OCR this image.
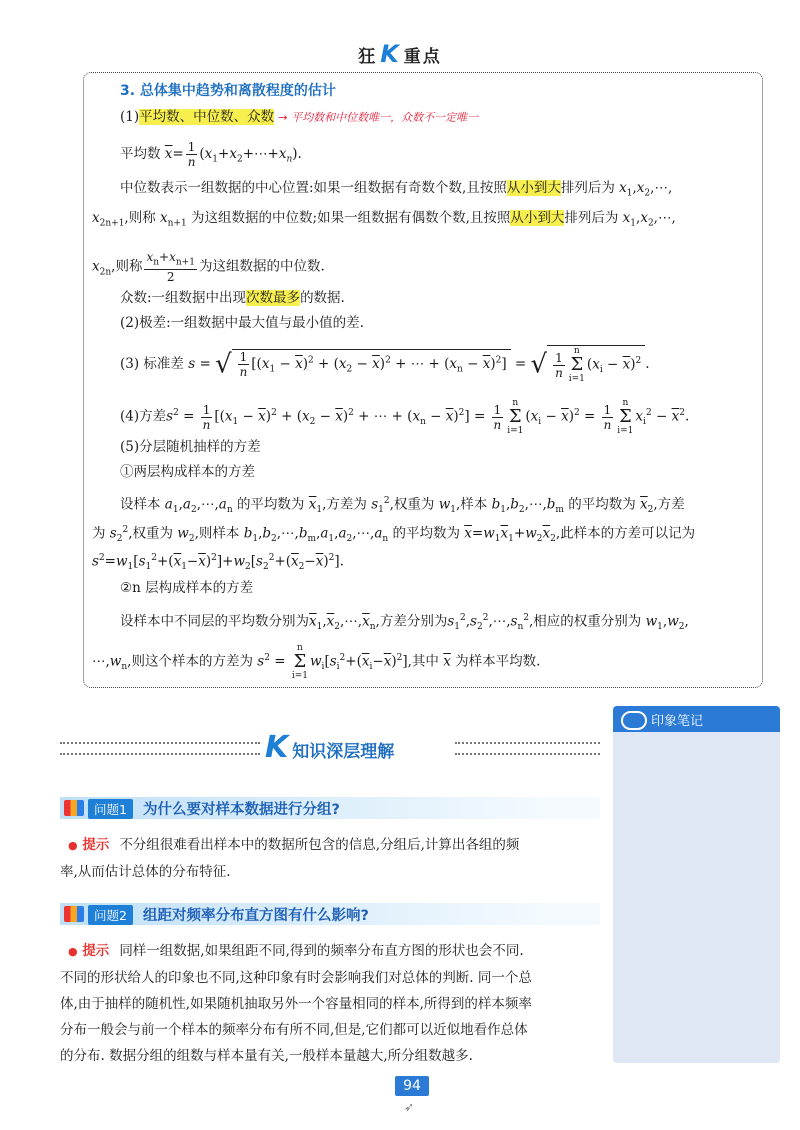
狂 K 重点
3. 总体集中趋势和离散程度的估计
(1)平均数、中位数、众数 → 平均数和中位数唯一，众数不一定唯一
平均数 $\overline{x}= \frac{1}{n}$ $(x_1+x_2+\cdots+x_n)$.
中位数表示一组数据的中心位置:如果一组数据有奇数个数,且按照从小到大排列后为 $x_1,x_2,\cdots$,
$x_{2n+1}$,则称 $x_{n+1}$ 为这组数据的中位数;如果一组数据有偶数个数,且按照从小到大排列后为 $x_1,x_2,\cdots$,
$x_{2n}$,则称 $\frac{x_n+x_{n+1}}{2}$ 为这组数据的中位数.
众数:一组数据中出现次数最多的数据.
(2)极差:一组数据中最大值与最小值的差.
(3) 标准差 s = √ $\frac{1}{n} [(x_1 - \overline{x})^2 + (x_2 - \overline{x})^2$ + ⋯ + $(x_n - \overline{x})^2$] = √ $\frac{1}{n}$ n
Σ
$i=1(x_i - \overline{x})^2$ .
(4)方差$s^2 = \frac{1}{n} [(x_1 - \overline{x})^2 + (x_2 - \overline{x})^2$ + ⋯ + $(x_n - \overline{x})^2] = \frac{1}{n}$ n
Σ
$i=1(x_i - \overline{x})^2 = \frac{1}{n}$ n
Σ
$i=1x_i^2 - \overline{x}^2$.
(5)分层随机抽样的方差
①两层构成样本的方差
设样本 $a_1,a_2,\cdots,a_n$ 的平均数为 $\overline{x}_1$,方差为 $s_1^2$,权重为 $w_1$,样本 $b_1,b_2,\cdots,b_m$ 的平均数为 $\overline{x}_2$,方差
为 $s_2^2$,权重为 $w_2$,则样本 $b_1,b_2,\cdots,b_m,a_1,a_2,\cdots,a_n$ 的平均数为 $\overline{x}=w_1\overline{x}_1+w_2\overline{x}_2$,此样本的方差可以记为
$s^2=w_1[s_1^2+(\overline{x}_1-\overline{x})^2]+w_2[s_2^2+(\overline{x}_2-\overline{x})^2]$.
②n 层构成样本的方差
设样本中不同层的平均数分别为$\overline{x}_1,\overline{x}_2,\cdots,\overline{x}_n$,方差分别为$s_1^2,s_2^2,\cdots,s_n^2$,相应的权重分别为 $w_1,w_2$,
$\cdots,w_n$,则这个样本的方差为 $s^2 = n$
Σ
$i=1w_i[s_i^2+(\overline{x}_i-\overline{x})^2]$,其中 $\overline{x}$ 为样本平均数.
K知识深层理解
印象笔记
问题1	为什么要对样本数据进行分组?
● 提示 不分组很难看出样本中的数据所包含的信息,分组后,计算出各组的频
率,从而估计总体的分布特征.
问题2	组距对频率分布直方图有什么影响?
● 提示 同样一组数据,如果组距不同,得到的频率分布直方图的形状也会不同.
不同的形状给人的印象也不同,这种印象有时会影响我们对总体的判断. 同一个总
体,由于抽样的随机性,如果随机抽取另外一个容量相同的样本,所得到的样本频率
分布一般会与前一个样本的频率分布有所不同,但是,它们都可以近似地看作总体
的分布. 数据分组的组数与样本量有关,一般样本量越大,所分组数越多.
94
➶
